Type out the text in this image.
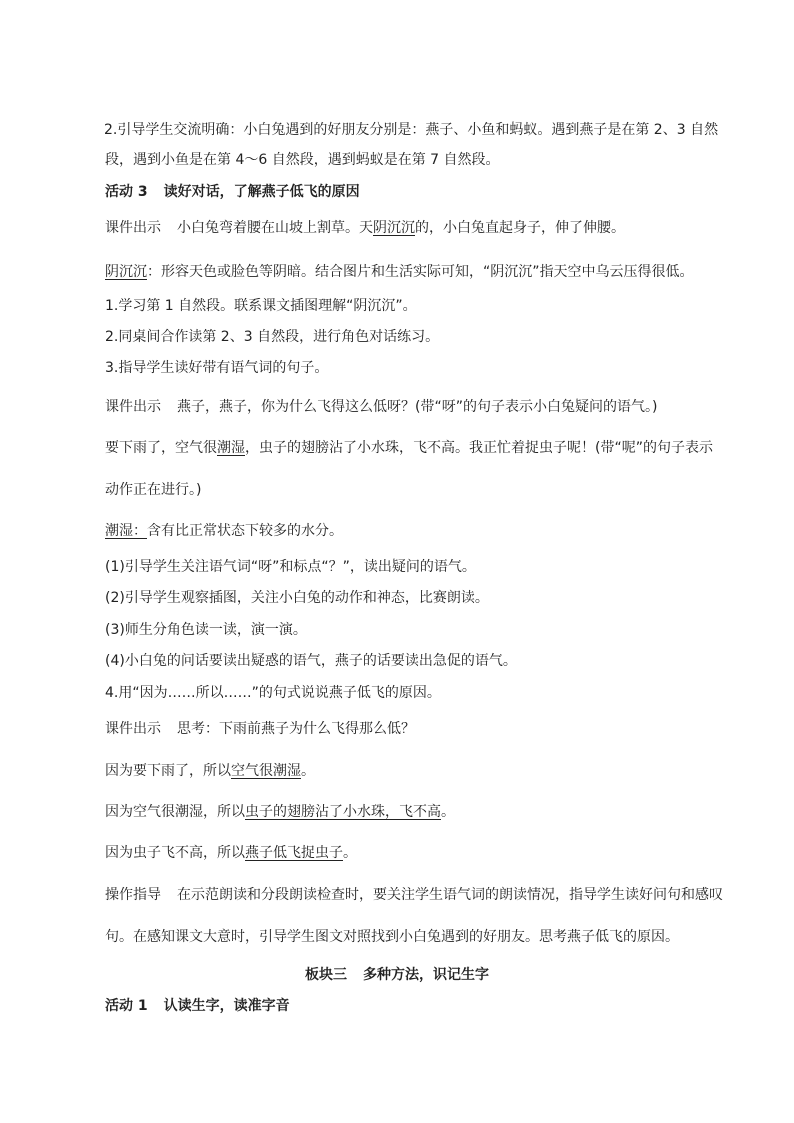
2.引导学生交流明确：小白兔遇到的好朋友分别是：燕子、小鱼和蚂蚁。遇到燕子是在第 2、3 自然
段，遇到小鱼是在第 4～6 自然段，遇到蚂蚁是在第 7 自然段。
活动 3 读好对话，了解燕子低飞的原因
课件出示 小白兔弯着腰在山坡上割草。天阴沉沉的，小白兔直起身子，伸了伸腰。
阴沉沉：形容天色或脸色等阴暗。结合图片和生活实际可知，“阴沉沉”指天空中乌云压得很低。
1.学习第 1 自然段。联系课文插图理解“阴沉沉”。
2.同桌间合作读第 2、3 自然段，进行角色对话练习。
3.指导学生读好带有语气词的句子。
课件出示 燕子，燕子，你为什么飞得这么低呀？(带“呀”的句子表示小白兔疑问的语气。)
要下雨了，空气很潮湿，虫子的翅膀沾了小水珠，飞不高。我正忙着捉虫子呢！(带“呢”的句子表示
动作正在进行。)
潮湿：含有比正常状态下较多的水分。
(1)引导学生关注语气词“呀”和标点“？”，读出疑问的语气。
(2)引导学生观察插图，关注小白兔的动作和神态，比赛朗读。
(3)师生分角色读一读，演一演。
(4)小白兔的问话要读出疑惑的语气，燕子的话要读出急促的语气。
4.用“因为……所以……”的句式说说燕子低飞的原因。
课件出示 思考：下雨前燕子为什么飞得那么低？
因为要下雨了，所以空气很潮湿。
因为空气很潮湿，所以虫子的翅膀沾了小水珠，飞不高。
因为虫子飞不高，所以燕子低飞捉虫子。
操作指导 在示范朗读和分段朗读检查时，要关注学生语气词的朗读情况，指导学生读好问句和感叹
句。在感知课文大意时，引导学生图文对照找到小白兔遇到的好朋友。思考燕子低飞的原因。
板块三 多种方法，识记生字
活动 1 认读生字，读准字音
